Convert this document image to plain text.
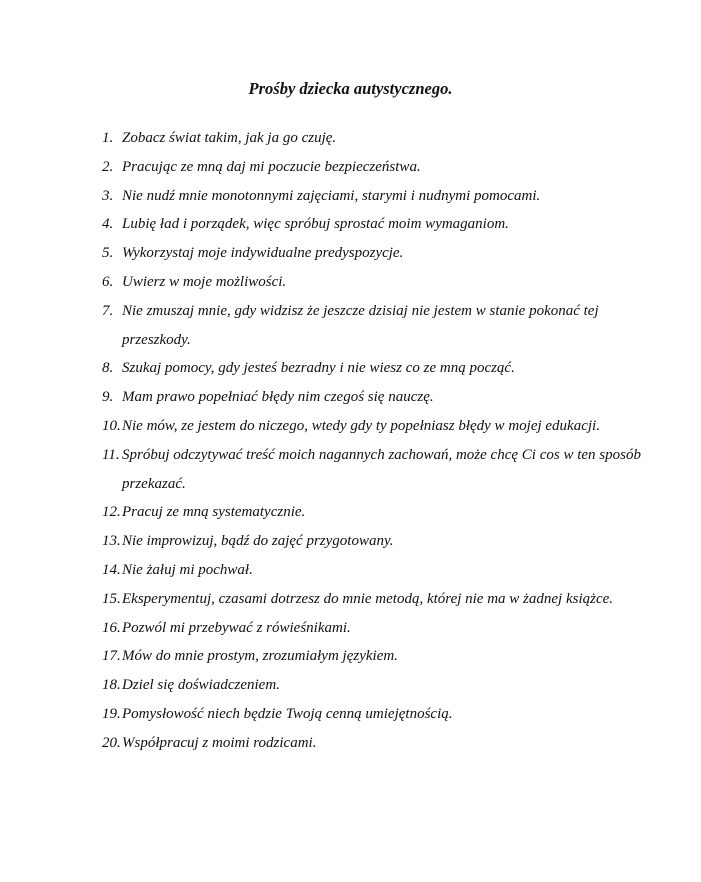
Prośby dziecka autystycznego.
1. Zobacz świat takim, jak ja go czuję.
2. Pracując ze mną daj mi poczucie bezpieczeństwa.
3. Nie nudź mnie monotonnymi zajęciami, starymi i nudnymi pomocami.
4. Lubię ład i porządek, więc spróbuj sprostać moim wymaganiom.
5. Wykorzystaj moje indywidualne predyspozycje.
6. Uwierz w moje możliwości.
7. Nie zmuszaj mnie, gdy widzisz że jeszcze dzisiaj nie jestem w stanie pokonać tej przeszkody.
8. Szukaj pomocy, gdy jesteś bezradny i nie wiesz co ze mną począć.
9. Mam prawo popełniać błędy nim czegoś się nauczę.
10. Nie mów, ze jestem do niczego, wtedy gdy ty popełniasz błędy w mojej edukacji.
11. Spróbuj odczytywać treść moich nagannych zachowań, może chcę Ci cos w ten sposób przekazać.
12. Pracuj ze mną systematycznie.
13. Nie improwizuj, bądź do zajęć przygotowany.
14. Nie żałuj mi pochwał.
15. Eksperymentuj, czasami dotrzesz do mnie metodą, której nie ma w żadnej książce.
16. Pozwól mi przebywać z rówieśnikami.
17. Mów do mnie prostym, zrozumiałym językiem.
18. Dziel się doświadczeniem.
19. Pomysłowość niech będzie Twoją cenną umiejętnością.
20. Współpracuj z moimi rodzicami.
